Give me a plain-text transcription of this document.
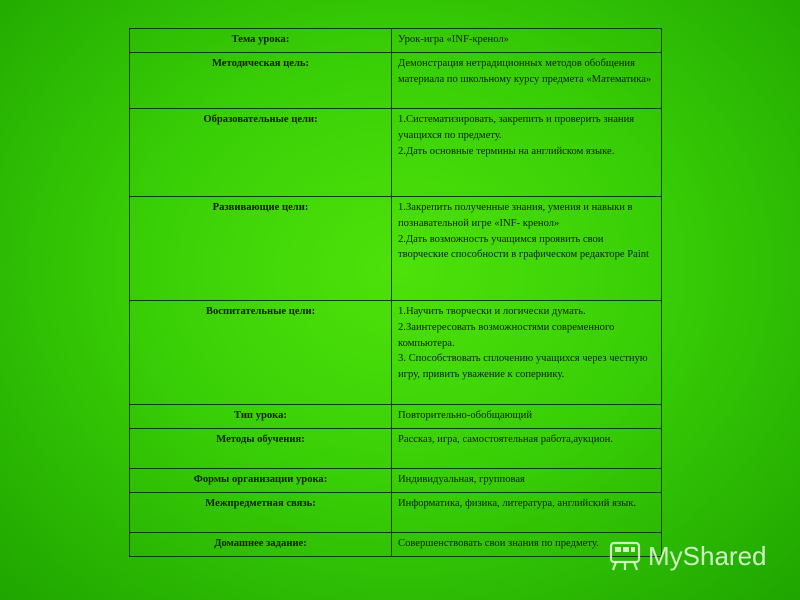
Тема урока:	Урок-игра «INF-кренол»

Методическая цель:	Демонстрация нетрадиционных методов обобщения материала по школьному курсу предмета «Математика»

Образовательные цели:	1.Систематизировать, закрепить и проверить знания учащихся по предмету.
2.Дать основные термины на английском языке.

Развивающие цели:	1.Закрепить полученные знания, умения и навыки в познавательной игре «INF- кренол»
2.Дать возможность учащимся проявить свои творческие способности в графическом редакторе Paint

Воспитательные цели:	1.Научить творчески и логически думать.
2.Заинтересовать возможностями современного компьютера.
3. Способствовать сплочению учащихся через честную игру, привить уважение к сопернику.

Тип урока:	Повторительно-обобщающий

Методы обучения:	Рассказ, игра, самостоятельная работа,аукцион.

Формы организации урока:	Индивидуальная, групповая

Межпредметная связь:	Информатика, физика, литература, английский язык.

Домашнее задание:	Совершенствовать свои знания по предмету.	MyShared
